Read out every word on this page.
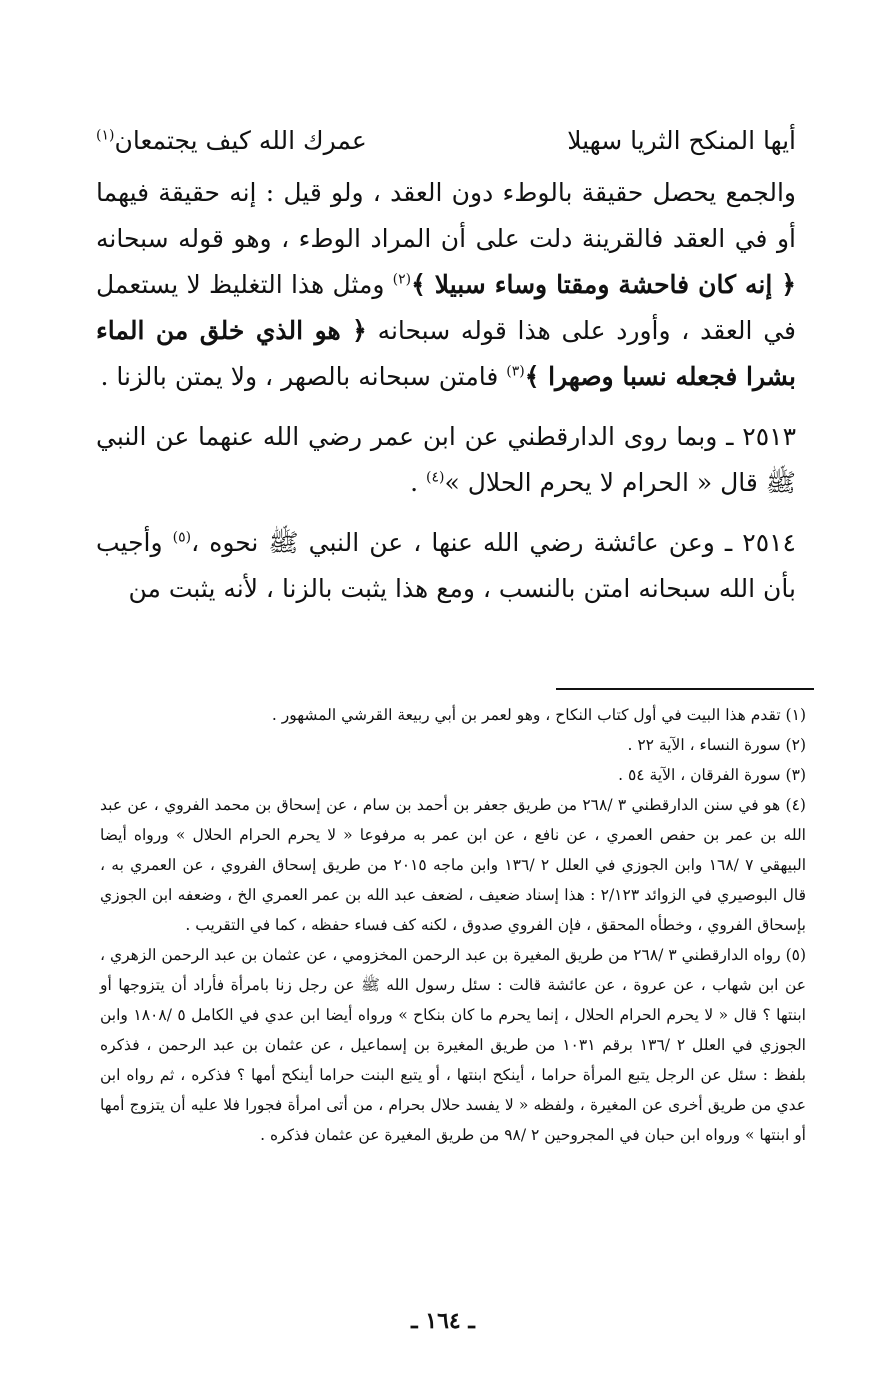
أيها المنكح الثريا سهيلا
عمرك الله كيف يجتمعان$^{(١)}$

والجمع يحصل حقيقة بالوطء دون العقد ، ولو قيل : إنه حقيقة فيهما أو في العقد فالقرينة دلت على أن المراد الوطء ، وهو قوله سبحانه ﴿ إنه كان فاحشة ومقتا وساء سبيلا ﴾$^{(٢)}$ ومثل هذا التغليظ لا يستعمل في العقد ، وأورد على هذا قوله سبحانه ﴿ هو الذي خلق من الماء بشرا فجعله نسبا وصهرا ﴾$^{(٣)}$ فامتن سبحانه بالصهر ، ولا يمتن بالزنا .

٢٥١٣ ـ وبما روى الدارقطني عن ابن عمر رضي الله عنهما عن النبي ﷺ قال « الحرام لا يحرم الحلال »$^{(٤)}$ .

٢٥١٤ ـ وعن عائشة رضي الله عنها ، عن النبي ﷺ نحوه ،$^{(٥)}$ وأجيب بأن الله سبحانه امتن بالنسب ، ومع هذا يثبت بالزنا ، لأنه يثبت من

(١) تقدم هذا البيت في أول كتاب النكاح ، وهو لعمر بن أبي ربيعة القرشي المشهور .

(٢) سورة النساء ، الآية ٢٢ .

(٣) سورة الفرقان ، الآية ٥٤ .

(٤) هو في سنن الدارقطني ٣ /٢٦٨ من طريق جعفر بن أحمد بن سام ، عن إسحاق بن محمد الفروي ، عن عبد الله بن عمر بن حفص العمري ، عن نافع ، عن ابن عمر به مرفوعا « لا يحرم الحرام الحلال » ورواه أيضا البيهقي ٧ /١٦٨ وابن الجوزي في العلل ٢ /١٣٦ وابن ماجه ٢٠١٥ من طريق إسحاق الفروي ، عن العمري به ، قال البوصيري في الزوائد ٢/١٢٣ : هذا إسناد ضعيف ، لضعف عبد الله بن عمر العمري الخ ، وضعفه ابن الجوزي بإسحاق الفروي ، وخطأه المحقق ، فإن الفروي صدوق ، لكنه كف فساء حفظه ، كما في التقريب .

(٥) رواه الدارقطني ٣ /٢٦٨ من طريق المغيرة بن عبد الرحمن المخزومي ، عن عثمان بن عبد الرحمن الزهري ، عن ابن شهاب ، عن عروة ، عن عائشة قالت : سئل رسول الله ﷺ عن رجل زنا بامرأة فأراد أن يتزوجها أو ابنتها ؟ قال « لا يحرم الحرام الحلال ، إنما يحرم ما كان بنكاح » ورواه أيضا ابن عدي في الكامل ٥ /١٨٠٨ وابن الجوزي في العلل ٢ /١٣٦ برقم ١٠٣١ من طريق المغيرة بن إسماعيل ، عن عثمان بن عبد الرحمن ، فذكره بلفظ : سئل عن الرجل يتبع المرأة حراما ، أينكح ابنتها ، أو يتبع البنت حراما أينكح أمها ؟ فذكره ، ثم رواه ابن عدي من طريق أخرى عن المغيرة ، ولفظه « لا يفسد حلال بحرام ، من أتى امرأة فجورا فلا عليه أن يتزوج أمها أو ابنتها » ورواه ابن حبان في المجروحين ٢ /٩٨ من طريق المغيرة عن عثمان فذكره .

ـ ١٦٤ ـ
